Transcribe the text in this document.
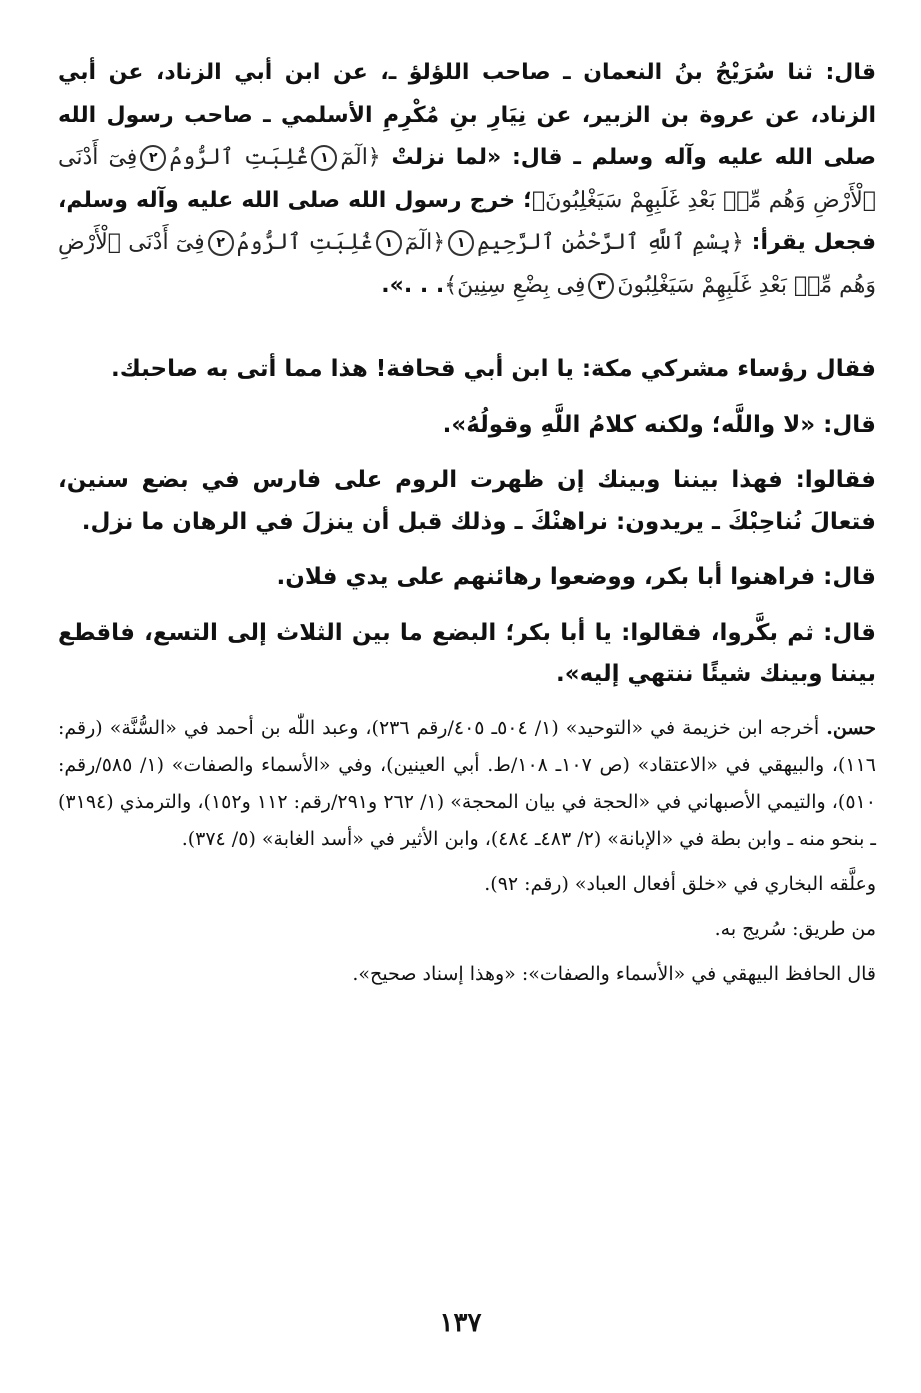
قال: ثنا سُرَيْجُ بنُ النعمان ـ صاحب اللؤلؤ ـ، عن ابن أبي الزناد، عن أبي الزناد، عن عروة بن الزبير، عن نِيَارِ بنِ مُكْرِمِ الأسلمي ـ صاحب رسول الله صلى الله عليه وآله وسلم ـ قال: «لما نزلتْ ﴿الٓمٓ١غُلِبَتِ ٱلرُّومُ٢فِىٓ أَدْنَى ٱلْأَرْضِ وَهُم مِّنۢ بَعْدِ غَلَبِهِمْ سَيَغْلِبُونَ﴾؛ خرج رسول الله صلى الله عليه وآله وسلم، فجعل يقرأ: ﴿بِسْمِ ٱللَّهِ ٱلرَّحْمَٰنِ ٱلرَّحِيمِ١﴿الٓمٓ١غُلِبَتِ ٱلرُّومُ٢فِىٓ أَدْنَى ٱلْأَرْضِ وَهُم مِّنۢ بَعْدِ غَلَبِهِمْ سَيَغْلِبُونَ٣فِى بِضْعِ سِنِينَ﴾. . .».

فقال رؤساء مشركي مكة: يا ابن أبي قحافة! هذا مما أتى به صاحبك.

قال: «لا واللَّه؛ ولكنه كلامُ اللَّهِ وقولُهُ».

فقالوا: فهذا بيننا وبينك إن ظهرت الروم على فارس في بضع سنين، فتعالَ نُناحِبْكَ ـ يريدون: نراهنْكَ ـ وذلك قبل أن ينزلَ في الرهان ما نزل.

قال: فراهنوا أبا بكر، ووضعوا رهائنهم على يدي فلان.

قال: ثم بكَّروا، فقالوا: يا أبا بكر؛ البضع ما بين الثلاث إلى التسع، فاقطع بيننا وبينك شيئًا ننتهي إليه».

حسن. أخرجه ابن خزيمة في «التوحيد» (١/ ٥٠٤ـ ٤٠٥/رقم ٢٣٦)، وعبد اللّٰه بن أحمد في «السُّنَّة» (رقم: ١١٦)، والبيهقي في «الاعتقاد» (ص ١٠٧ـ ١٠٨/ط. أبي العينين)، وفي «الأسماء والصفات» (١/ ٥٨٥/رقم: ٥١٠)، والتيمي الأصبهاني في «الحجة في بيان المحجة» (١/ ٢٦٢ و٢٩١/رقم: ١١٢ و١٥٢)، والترمذي (٣١٩٤) ـ بنحو منه ـ وابن بطة في «الإبانة» (٢/ ٤٨٣ـ ٤٨٤)، وابن الأثير في «أسد الغابة» (٥/ ٣٧٤).

وعلَّقه البخاري في «خلق أفعال العباد» (رقم: ٩٢).

من طريق: سُريج به.

قال الحافظ البيهقي في «الأسماء والصفات»: «وهذا إسناد صحيح».

١٣٧
